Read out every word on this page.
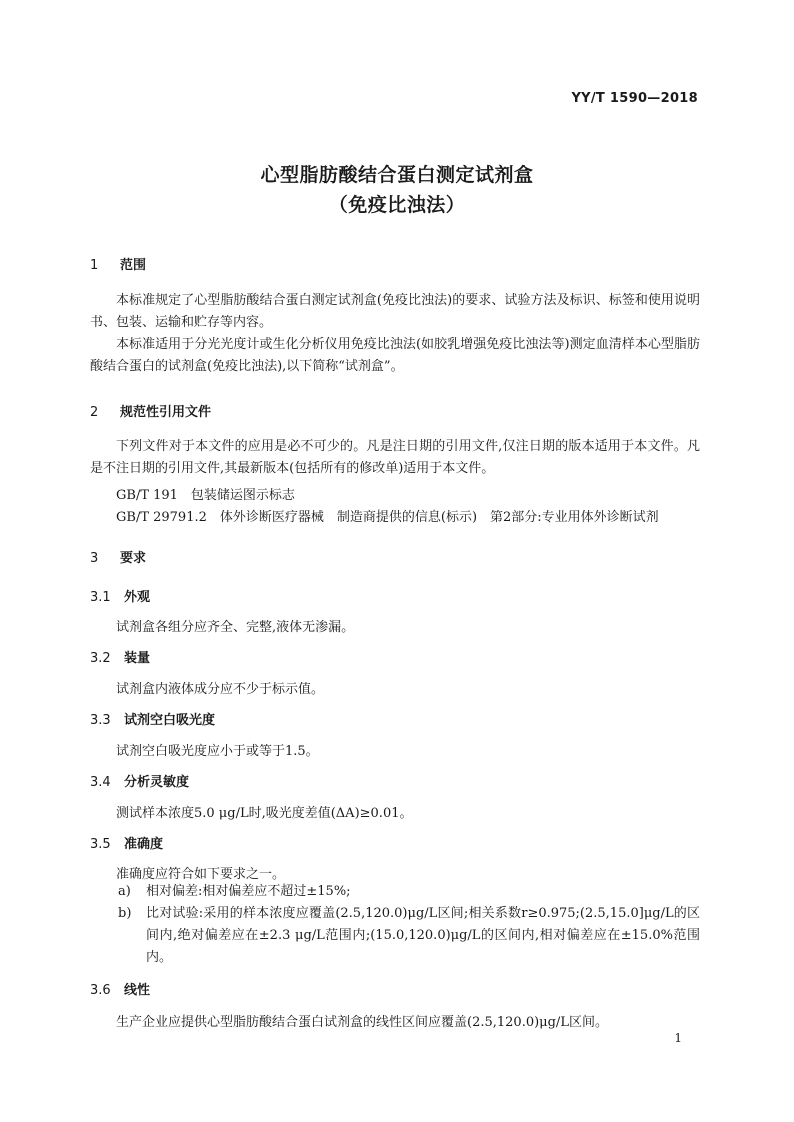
YY/T 1590—2018
心型脂肪酸结合蛋白测定试剂盒
（免疫比浊法）
1 范围
本标准规定了心型脂肪酸结合蛋白测定试剂盒(免疫比浊法)的要求、试验方法及标识、标签和使用说明书、包装、运输和贮存等内容。
本标准适用于分光光度计或生化分析仪用免疫比浊法(如胶乳增强免疫比浊法等)测定血清样本心型脂肪酸结合蛋白的试剂盒(免疫比浊法),以下简称“试剂盒”。
2 规范性引用文件
下列文件对于本文件的应用是必不可少的。凡是注日期的引用文件,仅注日期的版本适用于本文件。凡是不注日期的引用文件,其最新版本(包括所有的修改单)适用于本文件。
GB/T 191　包装储运图示标志
GB/T 29791.2　体外诊断医疗器械　制造商提供的信息(标示)　第2部分:专业用体外诊断试剂
3 要求
3.1 外观
试剂盒各组分应齐全、完整,液体无渗漏。
3.2 装量
试剂盒内液体成分应不少于标示值。
3.3 试剂空白吸光度
试剂空白吸光度应小于或等于1.5。
3.4 分析灵敏度
测试样本浓度5.0 μg/L时,吸光度差值(ΔA)≥0.01。
3.5 准确度
准确度应符合如下要求之一。
a) 相对偏差:相对偏差应不超过±15%;
b) 比对试验:采用的样本浓度应覆盖(2.5,120.0)μg/L区间;相关系数r≥0.975;(2.5,15.0]μg/L的区间内,绝对偏差应在±2.3 μg/L范围内;(15.0,120.0)μg/L的区间内,相对偏差应在±15.0%范围内。
3.6 线性
生产企业应提供心型脂肪酸结合蛋白试剂盒的线性区间应覆盖(2.5,120.0)μg/L区间。
1
